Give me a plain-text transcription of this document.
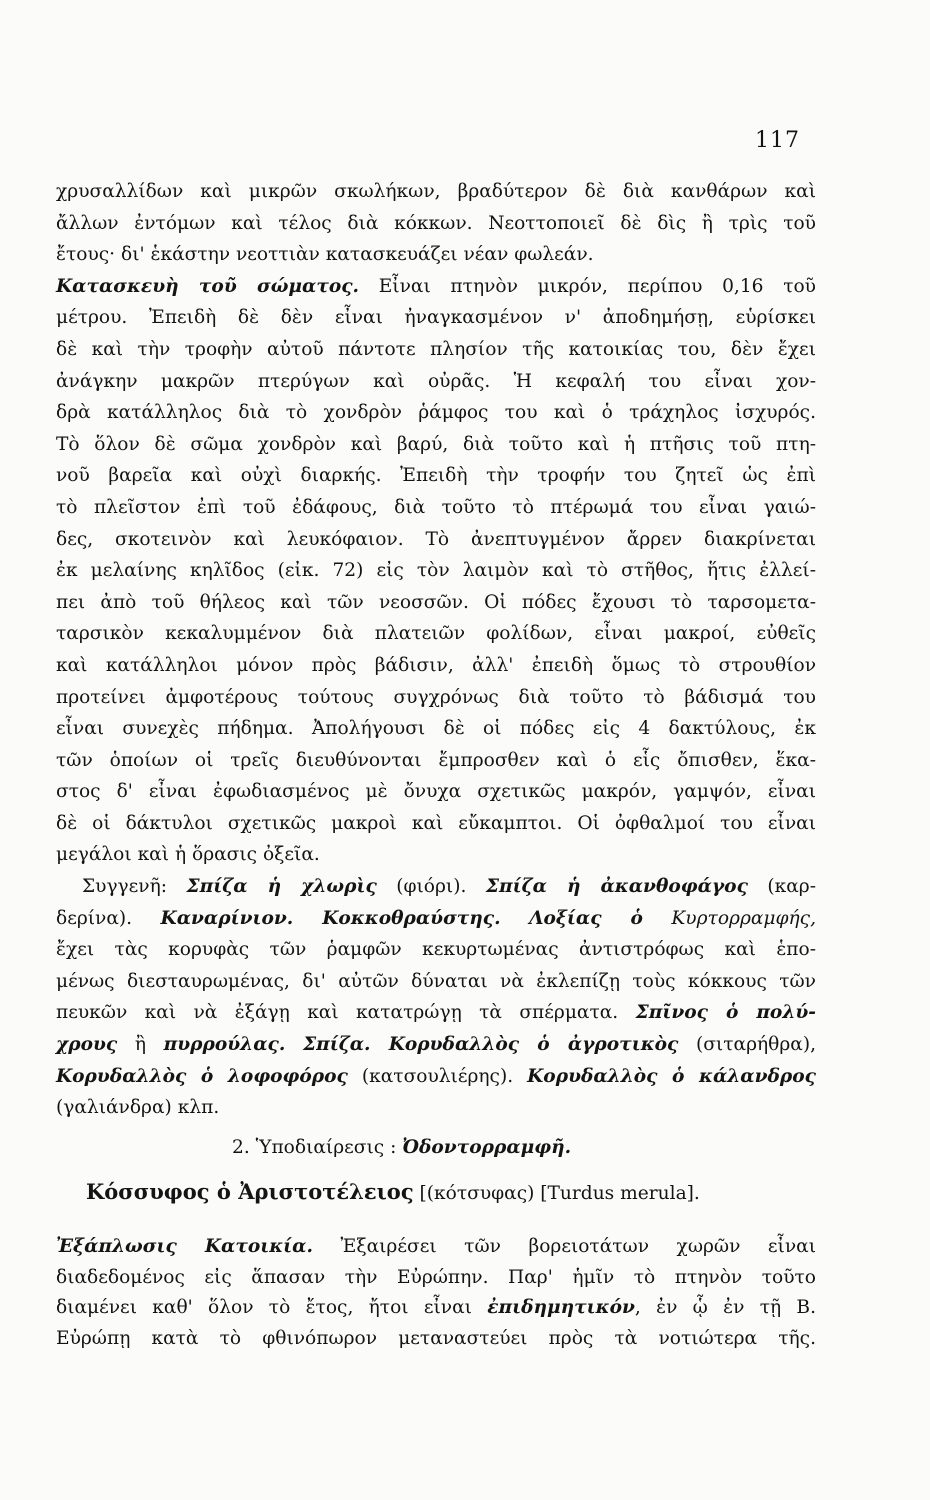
117
χρυσαλλίδων καὶ μικρῶν σκωλήκων, βραδύτερον δὲ διὰ κανθάρων καὶ
ἄλλων ἐντόμων καὶ τέλος διὰ κόκκων. Νεοττοποιεῖ δὲ δὶς ἢ τρὶς τοῦ
ἔτους· δι' ἑκάστην νεοττιὰν κατασκευάζει νέαν φωλεάν.
Κατασκευὴ τοῦ σώματος. Εἶναι πτηνὸν μικρόν, περίπου 0,16 τοῦ
μέτρου. Ἐπειδὴ δὲ δὲν εἶναι ἠναγκασμένον ν' ἀποδημήσῃ, εὑρίσκει
δὲ καὶ τὴν τροφὴν αὐτοῦ πάντοτε πλησίον τῆς κατοικίας του, δὲν ἔχει
ἀνάγκην μακρῶν πτερύγων καὶ οὐρᾶς. Ἡ κεφαλή του εἶναι χον-
δρὰ κατάλληλος διὰ τὸ χονδρὸν ῥάμφος του καὶ ὁ τράχηλος ἰσχυρός.
Τὸ ὅλον δὲ σῶμα χονδρὸν καὶ βαρύ, διὰ τοῦτο καὶ ἡ πτῆσις τοῦ πτη-
νοῦ βαρεῖα καὶ οὐχὶ διαρκής. Ἐπειδὴ τὴν τροφήν του ζητεῖ ὡς ἐπὶ
τὸ πλεῖστον ἐπὶ τοῦ ἐδάφους, διὰ τοῦτο τὸ πτέρωμά του εἶναι γαιώ-
δες, σκοτεινὸν καὶ λευκόφαιον. Τὸ ἀνεπτυγμένον ἄρρεν διακρίνεται
ἐκ μελαίνης κηλῖδος (εἰκ. 72) εἰς τὸν λαιμὸν καὶ τὸ στῆθος, ἥτις ἐλλεί-
πει ἀπὸ τοῦ θήλεος καὶ τῶν νεοσσῶν. Οἱ πόδες ἔχουσι τὸ ταρσομετα-
ταρσικὸν κεκαλυμμένον διὰ πλατειῶν φολίδων, εἶναι μακροί, εὐθεῖς
καὶ κατάλληλοι μόνον πρὸς βάδισιν, ἀλλ' ἐπειδὴ ὅμως τὸ στρουθίον
προτείνει ἀμφοτέρους τούτους συγχρόνως διὰ τοῦτο τὸ βάδισμά του
εἶναι συνεχὲς πήδημα. Ἀπολήγουσι δὲ οἱ πόδες εἰς 4 δακτύλους, ἐκ
τῶν ὁποίων οἱ τρεῖς διευθύνονται ἔμπροσθεν καὶ ὁ εἷς ὄπισθεν, ἕκα-
στος δ' εἶναι ἐφωδιασμένος μὲ ὄνυχα σχετικῶς μακρόν, γαμψόν, εἶναι
δὲ οἱ δάκτυλοι σχετικῶς μακροὶ καὶ εὔκαμπτοι. Οἱ ὀφθαλμοί του εἶναι
μεγάλοι καὶ ἡ ὅρασις ὀξεῖα.
Συγγενῆ: Σπίζα ἡ χλωρὶς (φιόρι). Σπίζα ἡ ἀκανθοφάγος (καρ-
δερίνα). Καναρίνιον. Κοκκοθραύστης. Λοξίας ὁ Κυρτορραμφής,
ἔχει τὰς κορυφὰς τῶν ῥαμφῶν κεκυρτωμένας ἀντιστρόφως καὶ ἑπο-
μένως διεσταυρωμένας, δι' αὐτῶν δύναται νὰ ἐκλεπίζῃ τοὺς κόκκους τῶν
πευκῶν καὶ νὰ ἐξάγῃ καὶ κατατρώγῃ τὰ σπέρματα. Σπῖνος ὁ πολύ-
χρους ἢ πυρρούλας. Σπίζα. Κορυδαλλὸς ὁ ἀγροτικὸς (σιταρήθρα),
Κορυδαλλὸς ὁ λοφοφόρος (κατσουλιέρης). Κορυδαλλὸς ὁ κάλανδρος
(γαλιάνδρα) κλπ.
2. Ὑποδιαίρεσις : Ὀδοντορραμφῆ.
Κόσσυφος ὁ Ἀριστοτέλειος [(κότσυφας) [Turdus merula].
Ἐξάπλωσις Κατοικία. Ἐξαιρέσει τῶν βορειοτάτων χωρῶν εἶναι
διαδεδομένος εἰς ἅπασαν τὴν Εὐρώπην. Παρ' ἡμῖν τὸ πτηνὸν τοῦτο
διαμένει καθ' ὅλον τὸ ἔτος, ἤτοι εἶναι ἐπιδημητικόν, ἐν ᾧ ἐν τῇ Β.
Εὐρώπῃ κατὰ τὸ φθινόπωρον μεταναστεύει πρὸς τὰ νοτιώτερα τῆς.
